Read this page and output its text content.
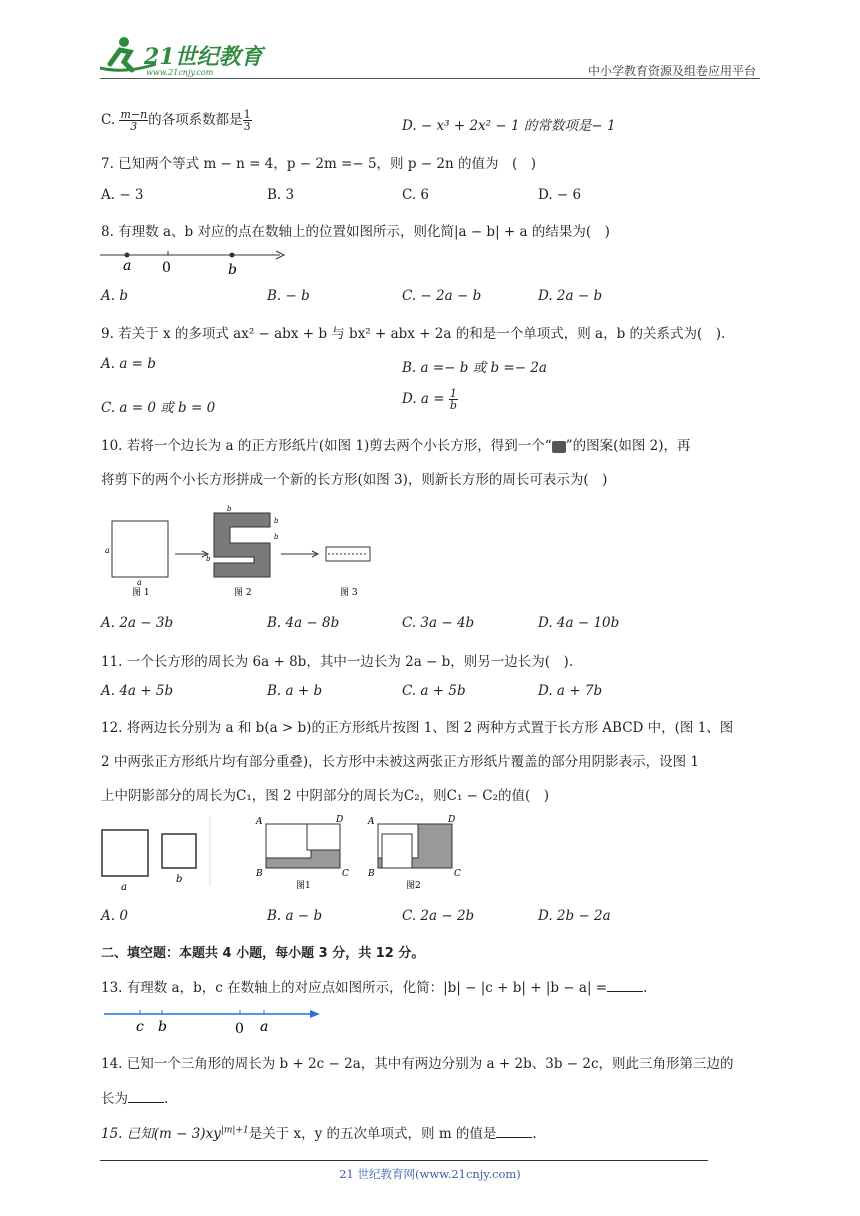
21世纪教育
www.21cnjy.com	中小学教育资源及组卷应用平台
C. $\frac{m-n}{3}$ 的各项系数都是 $\frac{1}{3}$	D. − x³ + 2x² − 1 的常数项是− 1
7. 已知两个等式 m − n = 4，p − 2m =− 5，则 p − 2n 的值为　(　)
A. − 3	B. 3	C. 6	D. − 6
8. 有理数 a、b 对应的点在数轴上的位置如图所示，则化简|a − b| + a 的结果为(　)
a 0	b
A. b	B. − b	C. − 2a − b	D. 2a − b
9. 若关于 x 的多项式 ax² − abx + b 与 bx² + abx + 2a 的和是一个单项式，则 a，b 的关系式为(　).
A. a = b	B. a =− b 或 b =− 2a
C. a = 0 或 b = 0
D. $a = \frac{1}{b}$
10. 若将一个边长为 a 的正方形纸片(如图 1)剪去两个小长方形，得到一个“ ”的图案(如图 2)，再
将剪下的两个小长方形拼成一个新的长方形(如图 3)，则新长方形的周长可表示为(　)
a
a
图 2
图 1
b
b
b
b
图 3
A. 2a − 3b	B. 4a − 8b	C. 3a − 4b	D. 4a − 10b
11. 一个长方形的周长为 6a + 8b，其中一边长为 2a − b，则另一边长为(　).
A. 4a + 5b	B. a + b	C. a + 5b	D. a + 7b
12. 将两边长分别为 a 和 b(a > b)的正方形纸片按图 1、图 2 两种方式置于长方形 ABCD 中，(图 1、图
2 中两张正方形纸片均有部分重叠)，长方形中未被这两张正方形纸片覆盖的部分用阴影表示，设图 1
上中阴影部分的周长为C₁，图 2 中阴部分的周长为C₂，则C₁ − C₂的值(　)
a
b
A	D
B	C
图1
A	D
B	C
图2
A. 0	B. a − b	C. 2a − 2b	D. 2b − 2a
二、填空题：本题共 4 小题，每小题 3 分，共 12 分。
13. 有理数 a，b，c 在数轴上的对应点如图所示，化简：|b| − |c + b| + |b − a| =	.
c b	0 a
14. 已知一个三角形的周长为 b + 2c − 2a，其中有两边分别为 a + 2b、3b − 2c，则此三角形第三边的
长为	.
15. 已知$(m - 3)xy^{|m|+1}$是关于 x，y 的五次单项式，则 m 的值是	.
21 世纪教育网(www.21cnjy.com)
